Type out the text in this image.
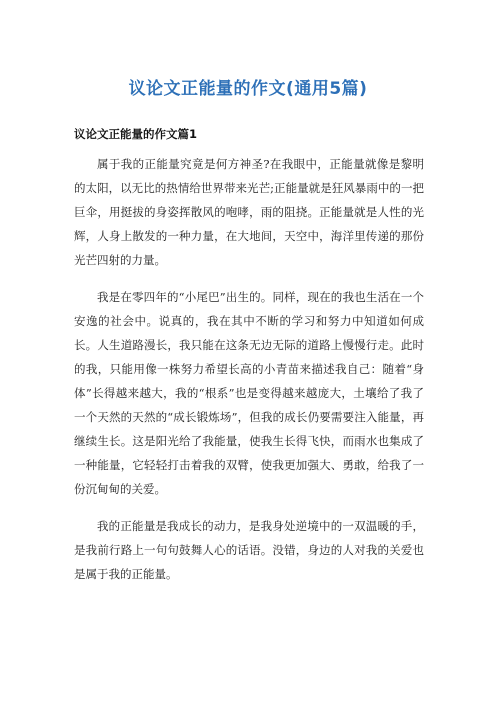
议论文正能量的作文(通用5篇)
议论文正能量的作文篇1

属于我的正能量究竟是何方神圣?在我眼中，正能量就像是黎明的太阳，以无比的热情给世界带来光芒;正能量就是狂风暴雨中的一把巨伞，用挺拔的身姿挥散风的咆哮，雨的阻挠。正能量就是人性的光辉，人身上散发的一种力量，在大地间，天空中，海洋里传递的那份光芒四射的力量。

我是在零四年的“小尾巴”出生的。同样，现在的我也生活在一个安逸的社会中。说真的，我在其中不断的学习和努力中知道如何成长。人生道路漫长，我只能在这条无边无际的道路上慢慢行走。此时的我，只能用像一株努力希望长高的小青苗来描述我自己：随着“身体”长得越来越大，我的“根系”也是变得越来越庞大，土壤给了我了一个天然的天然的“成长锻炼场”，但我的成长仍要需要注入能量，再继续生长。这是阳光给了我能量，使我生长得飞快，而雨水也集成了一种能量，它轻轻打击着我的双臂，使我更加强大、勇敢，给我了一份沉甸甸的关爱。

我的正能量是我成长的动力，是我身处逆境中的一双温暖的手，是我前行路上一句句鼓舞人心的话语。没错，身边的人对我的关爱也是属于我的正能量。
